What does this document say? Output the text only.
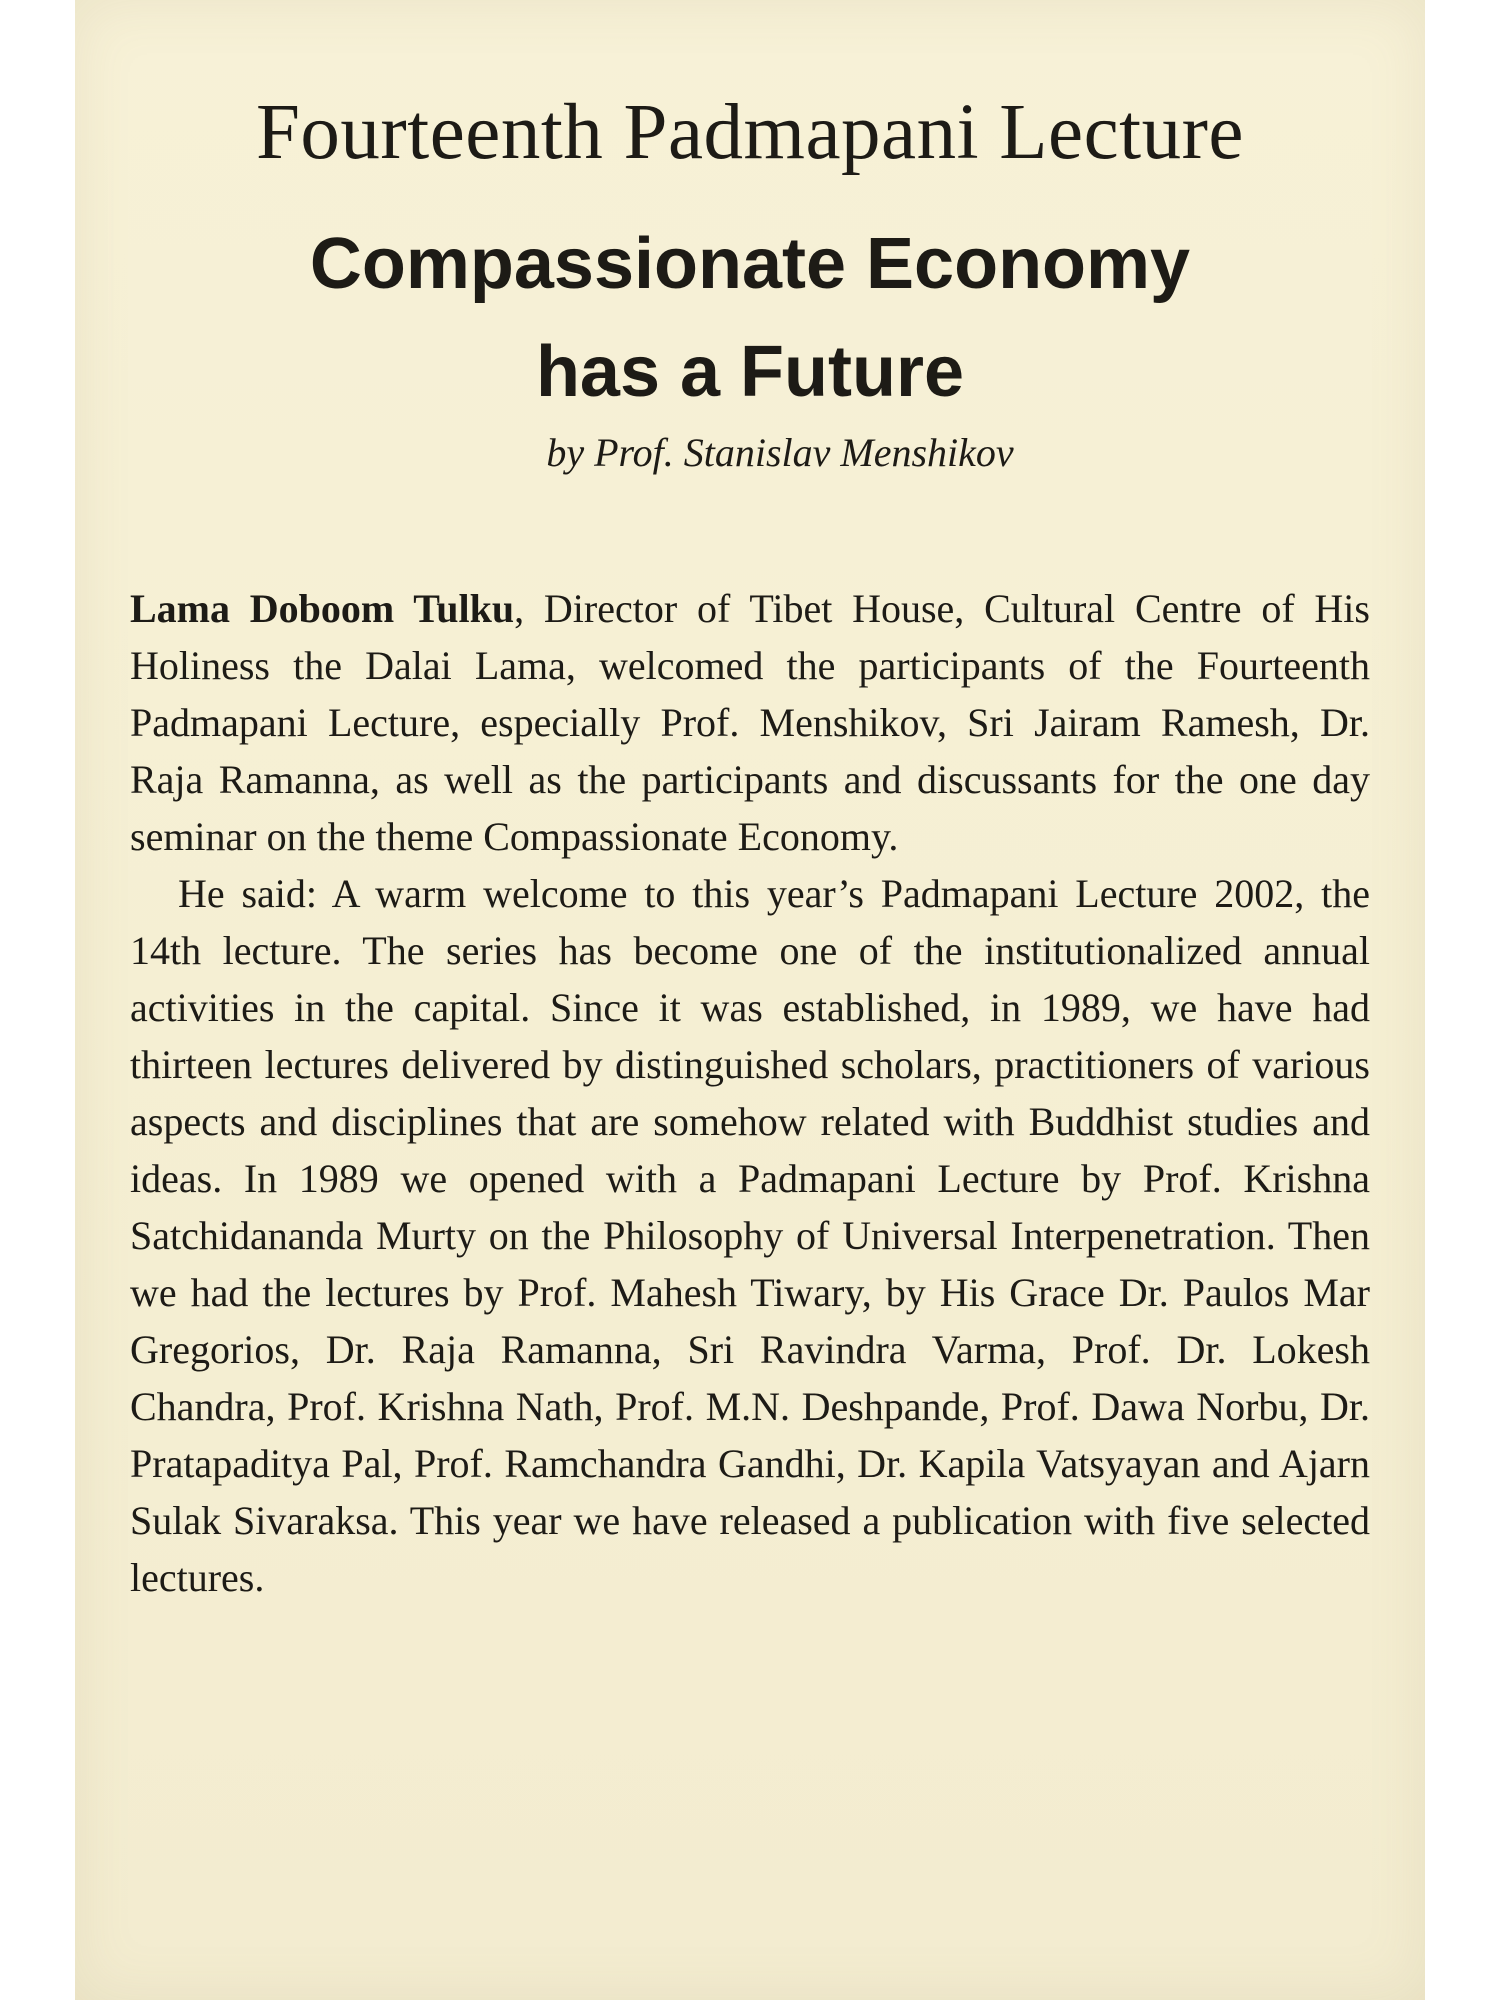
Fourteenth Padmapani Lecture
Compassionate Economy
has a Future

by Prof. Stanislav Menshikov

Lama Doboom Tulku, Director of Tibet House, Cultural Centre of His Holiness the Dalai Lama, welcomed the participants of the Fourteenth Padmapani Lecture, especially Prof. Menshikov, Sri Jairam Ramesh, Dr. Raja Ramanna, as well as the participants and discussants for the one day seminar on the theme Compassionate Economy.

He said: A warm welcome to this year’s Padmapani Lecture 2002, the 14th lecture. The series has become one of the institutionalized annual activities in the capital. Since it was established, in 1989, we have had thirteen lectures delivered by distinguished scholars, practitioners of various aspects and disciplines that are somehow related with Buddhist studies and ideas. In 1989 we opened with a Padmapani Lecture by Prof. Krishna Satchidananda Murty on the Philosophy of Universal Interpenetration. Then we had the lectures by Prof. Mahesh Tiwary, by His Grace Dr. Paulos Mar Gregorios, Dr. Raja Ramanna, Sri Ravindra Varma, Prof. Dr. Lokesh Chandra, Prof. Krishna Nath, Prof. M.N. Deshpande, Prof. Dawa Norbu, Dr. Pratapaditya Pal, Prof. Ramchandra Gandhi, Dr. Kapila Vatsyayan and Ajarn Sulak Sivaraksa. This year we have released a publication with five selected lectures.
